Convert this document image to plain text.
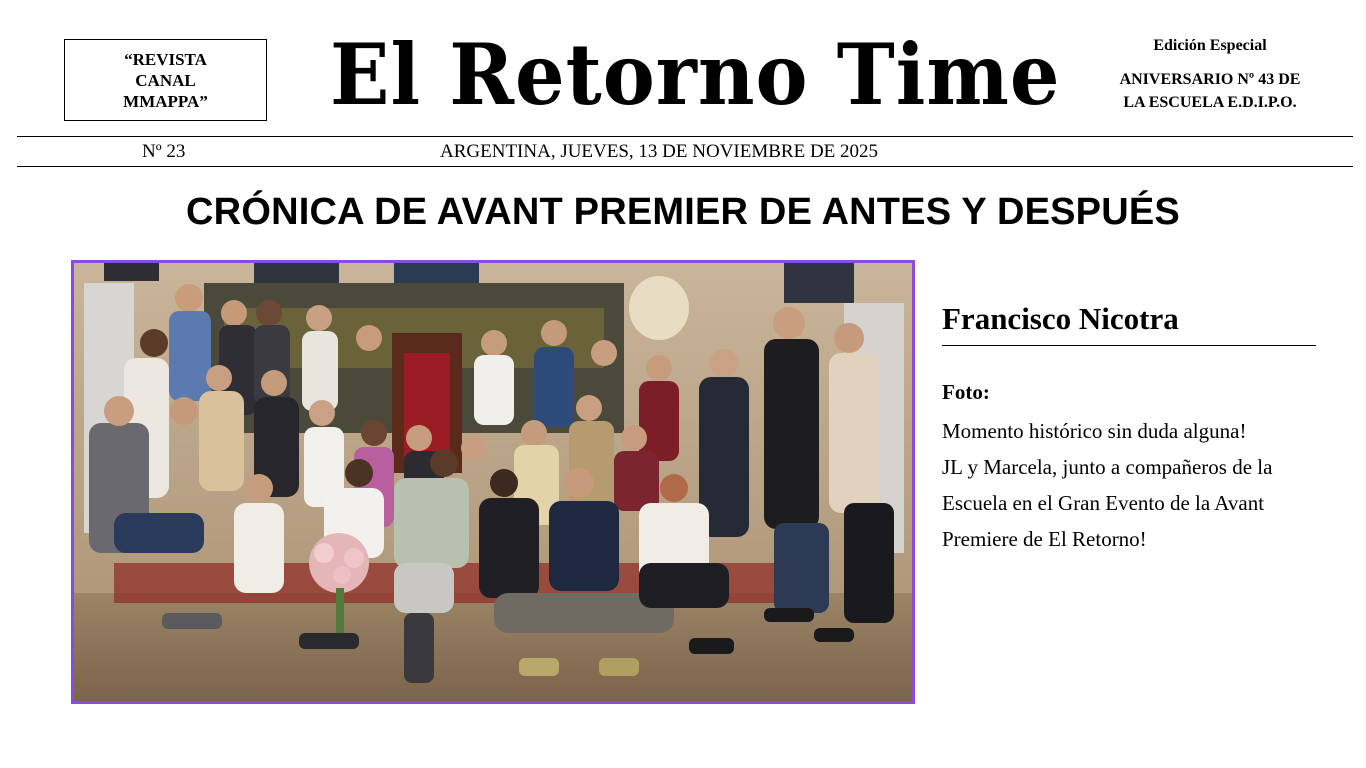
“REVISTA
CANAL
MMAPPA” El Retorno Time	Edición Especial
ANIVERSARIO Nº 43 DE
LA ESCUELA E.D.I.P.O.
Nº 23	ARGENTINA, JUEVES, 13 DE NOVIEMBRE DE 2025
CRÓNICA DE AVANT PREMIER DE ANTES Y DESPUÉS
Francisco Nicotra
Foto:
Momento histórico sin duda alguna!
JL y Marcela, junto a compañeros de la
Escuela en el Gran Evento de la Avant
Premiere de El Retorno!
